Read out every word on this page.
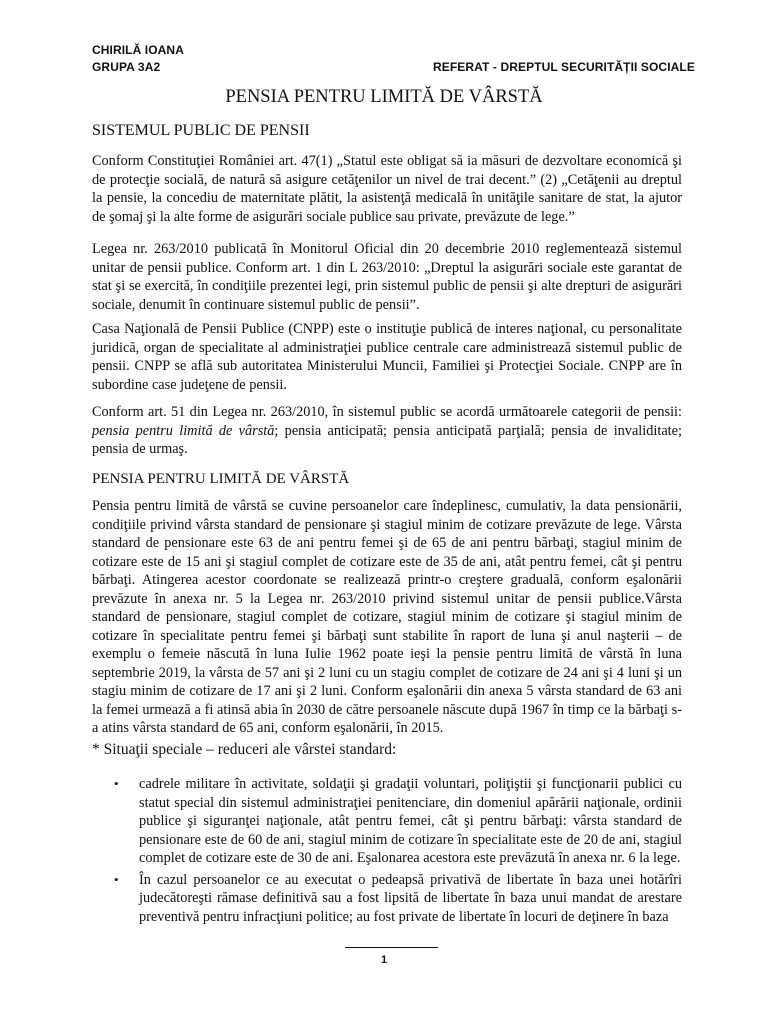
CHIRILĂ IOANA
GRUPA 3A2	REFERAT - DREPTUL SECURITĂȚII SOCIALE
PENSIA PENTRU LIMITĂ DE VÂRSTĂ
SISTEMUL PUBLIC DE PENSII

Conform Constituţiei României art. 47(1) „Statul este obligat să ia măsuri de dezvoltare economică şi de protecţie socială, de natură să asigure cetăţenilor un nivel de trai decent.” (2) „Cetăţenii au dreptul la pensie, la concediu de maternitate plătit, la asistenţă medicală în unităţile sanitare de stat, la ajutor de şomaj şi la alte forme de asigurări sociale publice sau private, prevăzute de lege.”

Legea nr. 263/2010 publicată în Monitorul Oficial din 20 decembrie 2010 reglementează sistemul unitar de pensii publice. Conform art. 1 din L 263/2010: „Dreptul la asigurări sociale este garantat de stat şi se exercită, în condiţiile prezentei legi, prin sistemul public de pensii şi alte drepturi de asigurări sociale, denumit în continuare sistemul public de pensii”.

Casa Naţională de Pensii Publice (CNPP) este o instituţie publică de interes naţional, cu personalitate juridică, organ de specialitate al administraţiei publice centrale care administrează sistemul public de pensii. CNPP se află sub autoritatea Ministerului Muncii, Familiei şi Protecţiei Sociale. CNPP are în subordine case judeţene de pensii.

Conform art. 51 din Legea nr. 263/2010, în sistemul public se acordă următoarele categorii de pensii: pensia pentru limită de vârstă; pensia anticipată; pensia anticipată parţială; pensia de invaliditate; pensia de urmaş.

PENSIA PENTRU LIMITĂ DE VÂRSTĂ

Pensia pentru limită de vârstă se cuvine persoanelor care îndeplinesc, cumulativ, la data pensionării, condiţiile privind vârsta standard de pensionare şi stagiul minim de cotizare prevăzute de lege. Vârsta standard de pensionare este 63 de ani pentru femei şi de 65 de ani pentru bărbaţi, stagiul minim de cotizare este de 15 ani şi stagiul complet de cotizare este de 35 de ani, atât pentru femei, cât şi pentru bărbaţi. Atingerea acestor coordonate se realizează printr-o creştere graduală, conform eşalonării prevăzute în anexa nr. 5 la Legea nr. 263/2010 privind sistemul unitar de pensii publice.Vârsta standard de pensionare, stagiul complet de cotizare, stagiul minim de cotizare şi stagiul minim de cotizare în specialitate pentru femei şi bărbaţi sunt stabilite în raport de luna şi anul naşterii – de exemplu o femeie născută în luna Iulie 1962 poate ieşi la pensie pentru limită de vârstă în luna septembrie 2019, la vârsta de 57 ani şi 2 luni cu un stagiu complet de cotizare de 24 ani şi 4 luni şi un stagiu minim de cotizare de 17 ani şi 2 luni. Conform eşalonării din anexa 5 vârsta standard de 63 ani la femei urmează a fi atinsă abia în 2030 de către persoanele născute după 1967 în timp ce la bărbaţi s-a atins vârsta standard de 65 ani, conform eşalonării, în 2015.

* Situaţii speciale – reduceri ale vârstei standard:
• cadrele militare în activitate, soldaţii şi gradaţii voluntari, poliţiştii şi funcţionarii publici cu statut special din sistemul administraţiei penitenciare, din domeniul apărării naţionale, ordinii publice şi siguranţei naţionale, atât pentru femei, cât şi pentru bărbaţi: vârsta standard de pensionare este de 60 de ani, stagiul minim de cotizare în specialitate este de 20 de ani, stagiul complet de cotizare este de 30 de ani. Eşalonarea acestora este prevăzută în anexa nr. 6 la lege.
• În cazul persoanelor ce au executat o pedeapsă privativă de libertate în baza unei hotărîri judecătoreşti rămase definitivă sau a fost lipsită de libertate în baza unui mandat de arestare preventivă pentru infracţiuni politice; au fost private de libertate în locuri de deţinere în baza
1
